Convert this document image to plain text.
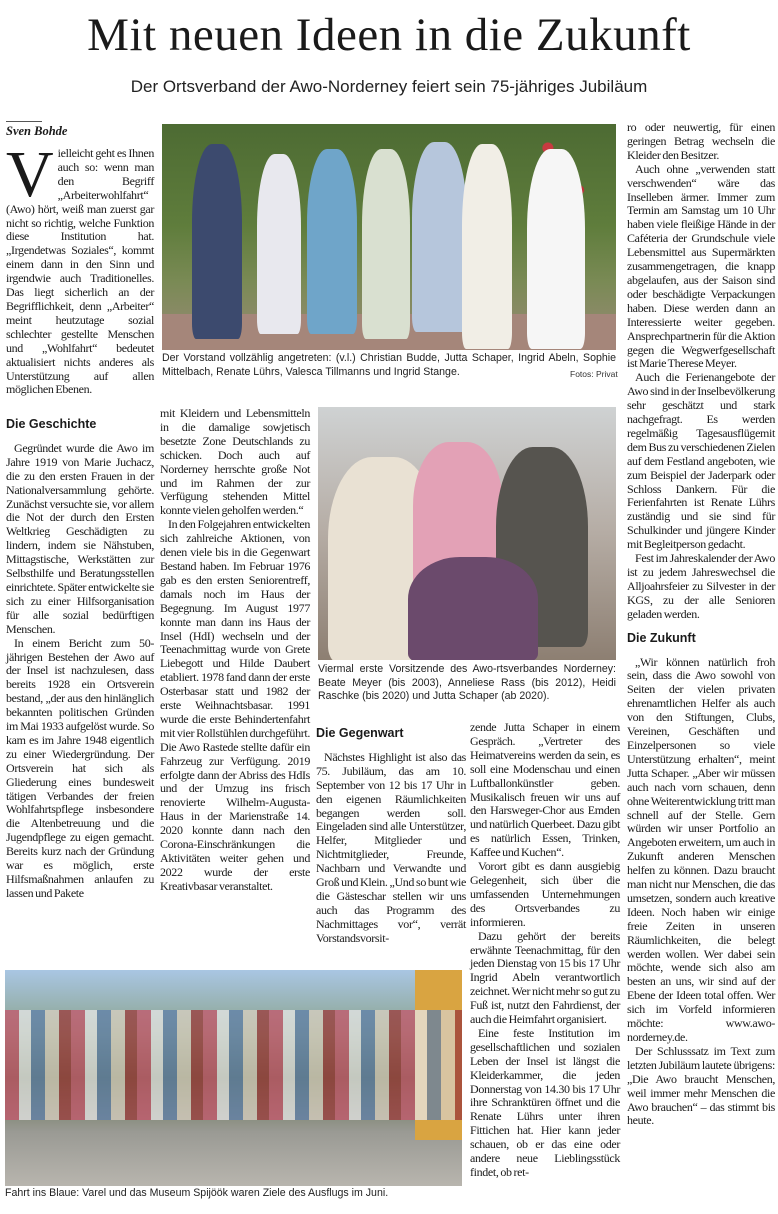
Mit neuen Ideen in die Zukunft
Der Ortsverband der Awo-Norderney feiert sein 75-jähriges Jubiläum
Sven Bohde

Vielleicht geht es Ihnen auch so: wenn man den Begriff „Arbeiterwohlfahrt“ (Awo) hört, weiß man zuerst gar nicht so richtig, welche Funktion diese Institution hat. „Irgendetwas Soziales“, kommt einem dann in den Sinn und irgendwie auch Traditionelles. Das liegt sicherlich an der Begrifflichkeit, denn „Arbeiter“ meint heutzutage sozial schlechter gestellte Menschen und „Wohlfahrt“ bedeutet aktualisiert nichts anderes als Unterstützung auf allen möglichen Ebenen.

Die Geschichte

Gegründet wurde die Awo im Jahre 1919 von Marie Juchacz, die zu den ersten Frauen in der Nationalversammlung gehörte. Zunächst versuchte sie, vor allem die Not der durch den Ersten Weltkrieg Geschädigten zu lindern, indem sie Nähstuben, Mittagstische, Werkstätten zur Selbsthilfe und Beratungsstellen einrichtete. Später entwickelte sie sich zu einer Hilfsorganisation für alle sozial bedürftigen Menschen.

In einem Bericht zum 50-jährigen Bestehen der Awo auf der Insel ist nachzulesen, dass bereits 1928 ein Ortsverein bestand, „der aus den hinlänglich bekannten politischen Gründen im Mai 1933 aufgelöst wurde. So kam es im Jahre 1948 eigentlich zu einer Wiedergründung. Der Ortsverein hat sich als Gliederung eines bundesweit tätigen Verbandes der freien Wohlfahrtspflege insbesondere die Altenbetreuung und die Jugendpflege zu eigen gemacht. Bereits kurz nach der Gründung war es möglich, erste Hilfsmaßnahmen anlaufen zu lassen und Pakete

Der Vorstand vollzählig angetreten: (v.l.) Christian Budde, Jutta Schaper, Ingrid Abeln, Sophie Mittelbach, Renate Lührs, Valesca Tillmanns und Ingrid Stange.	Fotos: Privat

mit Kleidern und Lebensmitteln in die damalige sowjetisch besetzte Zone Deutschlands zu schicken. Doch auch auf Norderney herrschte große Not und im Rahmen der zur Verfügung stehenden Mittel konnte vielen geholfen werden.“

In den Folgejahren entwickelten sich zahlreiche Aktionen, von denen viele bis in die Gegenwart Bestand haben. Im Februar 1976 gab es den ersten Seniorentreff, damals noch im Haus der Begegnung. Im August 1977 konnte man dann ins Haus der Insel (HdI) wechseln und der Teenachmittag wurde von Grete Liebegott und Hilde Daubert etabliert. 1978 fand dann der erste Osterbasar statt und 1982 der erste Weihnachtsbasar. 1991 wurde die erste Behindertenfahrt mit vier Rollstühlen durchgeführt. Die Awo Rastede stellte dafür ein Fahrzeug zur Verfügung. 2019 erfolgte dann der Abriss des HdIs und der Umzug ins frisch renovierte Wilhelm-Augusta-Haus in der Marienstraße 14. 2020 konnte dann nach den Corona-Einschränkungen die Aktivitäten weiter gehen und 2022 wurde der erste Kreativbasar veranstaltet.

Viermal erste Vorsitzende des Awo-rtsverbandes Norderney: Beate Meyer (bis 2003), Anneliese Rass (bis 2012), Heidi Raschke (bis 2020) und Jutta Schaper (ab 2020).

Die Gegenwart

Nächstes Highlight ist also das 75. Jubiläum, das am 10. September von 12 bis 17 Uhr in den eigenen Räumlichkeiten begangen werden soll. Eingeladen sind alle Unterstützer, Helfer, Mitglieder und Nichtmitglieder, Freunde, Nachbarn und Verwandte und Groß und Klein. „Und so bunt wie die Gästeschar stellen wir uns auch das Programm des Nachmittages vor“, verrät Vorstandsvorsit-

zende Jutta Schaper in einem Gespräch. „Vertreter des Heimatvereins werden da sein, es soll eine Modenschau und einen Luftballonkünstler geben. Musikalisch freuen wir uns auf den Harsweger-Chor aus Emden und natürlich Querbeet. Dazu gibt es natürlich Essen, Trinken, Kaffee und Kuchen“.

Vorort gibt es dann ausgiebig Gelegenheit, sich über die umfassenden Unternehmungen des Ortsverbandes zu informieren.

Dazu gehört der bereits erwähnte Teenachmittag, für den jeden Dienstag von 15 bis 17 Uhr Ingrid Abeln verantwortlich zeichnet. Wer nicht mehr so gut zu Fuß ist, nutzt den Fahrdienst, der auch die Heimfahrt organisiert.

Eine feste Institution im gesellschaftlichen und sozialen Leben der Insel ist längst die Kleiderkammer, die jeden Donnerstag von 14.30 bis 17 Uhr ihre Schranktüren öffnet und die Renate Lührs unter ihren Fittichen hat. Hier kann jeder schauen, ob er das eine oder andere neue Lieblingsstück findet, ob ret-

ro oder neuwertig, für einen geringen Betrag wechseln die Kleider den Besitzer.

Auch ohne „verwenden statt verschwenden“ wäre das Inselleben ärmer. Immer zum Termin am Samstag um 10 Uhr haben viele fleißige Hände in der Caféteria der Grundschule viele Lebensmittel aus Supermärkten zusammengetragen, die knapp abgelaufen, aus der Saison sind oder beschädigte Verpackungen haben. Diese werden dann an Interessierte weiter gegeben. Ansprechpartnerin für die Aktion gegen die Wegwerfgesellschaft ist Marie Therese Meyer.

Auch die Ferienangebote der Awo sind in der Inselbevölkerung sehr geschätzt und stark nachgefragt. Es werden regelmäßig Tagesausflügemit dem Bus zu verschiedenen Zielen auf dem Festland angeboten, wie zum Beispiel der Jaderpark oder Schloss Dankern. Für die Ferienfahrten ist Renate Lührs zuständig und sie sind für Schulkinder und jüngere Kinder mit Begleitperson gedacht.

Fest im Jahreskalender der Awo ist zu jedem Jahreswechsel die Alljoahrsfeier zu Silvester in der KGS, zu der alle Senioren geladen werden.

Die Zukunft

„Wir können natürlich froh sein, dass die Awo sowohl von Seiten der vielen privaten ehrenamtlichen Helfer als auch von den Stiftungen, Clubs, Vereinen, Geschäften und Einzelpersonen so viele Unterstützung erhalten“, meint Jutta Schaper. „Aber wir müssen auch nach vorn schauen, denn ohne Weiterentwicklung tritt man schnell auf der Stelle. Gern würden wir unser Portfolio an Angeboten erweitern, um auch in Zukunft anderen Menschen helfen zu können. Dazu braucht man nicht nur Menschen, die das umsetzen, sondern auch kreative Ideen. Noch haben wir einige freie Zeiten in unseren Räumlichkeiten, die belegt werden wollen. Wer dabei sein möchte, wende sich also am besten an uns, wir sind auf der Ebene der Ideen total offen. Wer sich im Vorfeld informieren möchte: www.awo-norderney.de.

Der Schlusssatz im Text zum letzten Jubiläum lautete übrigens: „Die Awo braucht Menschen, weil immer mehr Menschen die Awo brauchen“ – das stimmt bis heute.

Fahrt ins Blaue: Varel und das Museum Spijöök waren Ziele des Ausflugs im Juni.
